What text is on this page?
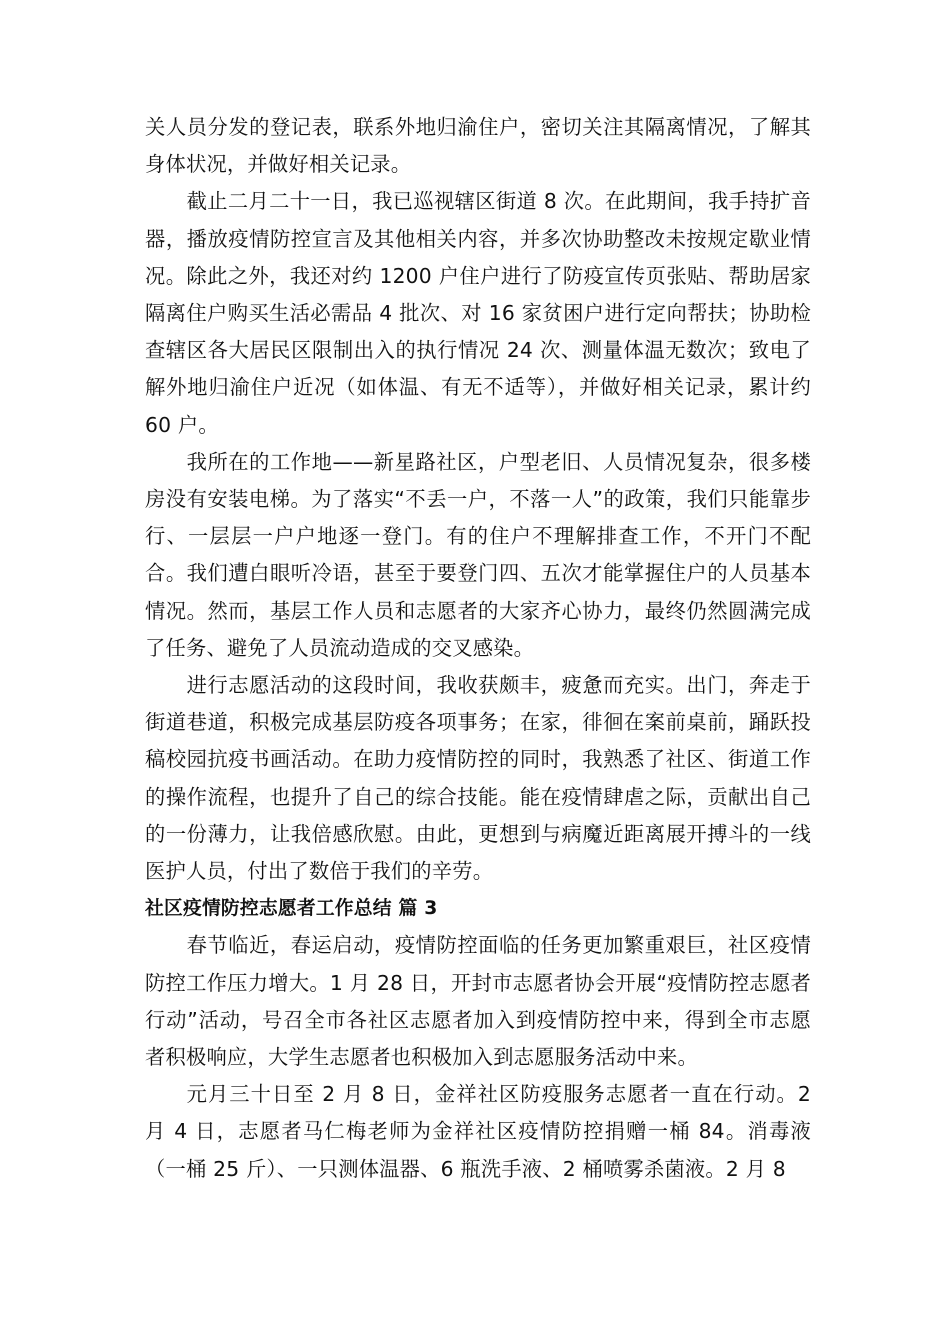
关人员分发的登记表，联系外地归渝住户，密切关注其隔离情况，了解其身体状况，并做好相关记录。

截止二月二十一日，我已巡视辖区街道 8 次。在此期间，我手持扩音器，播放疫情防控宣言及其他相关内容，并多次协助整改未按规定歇业情况。除此之外，我还对约 1200 户住户进行了防疫宣传页张贴、帮助居家隔离住户购买生活必需品 4 批次、对 16 家贫困户进行定向帮扶；协助检查辖区各大居民区限制出入的执行情况 24 次、测量体温无数次；致电了解外地归渝住户近况（如体温、有无不适等），并做好相关记录，累计约 60 户。

我所在的工作地——新星路社区，户型老旧、人员情况复杂，很多楼房没有安装电梯。为了落实“不丢一户，不落一人”的政策，我们只能靠步行、一层层一户户地逐一登门。有的住户不理解排查工作，不开门不配合。我们遭白眼听冷语，甚至于要登门四、五次才能掌握住户的人员基本情况。然而，基层工作人员和志愿者的大家齐心协力，最终仍然圆满完成了任务、避免了人员流动造成的交叉感染。

进行志愿活动的这段时间，我收获颇丰，疲惫而充实。出门，奔走于街道巷道，积极完成基层防疫各项事务；在家，徘徊在案前桌前，踊跃投稿校园抗疫书画活动。在助力疫情防控的同时，我熟悉了社区、街道工作的操作流程，也提升了自己的综合技能。能在疫情肆虐之际，贡献出自己的一份薄力，让我倍感欣慰。由此，更想到与病魔近距离展开搏斗的一线医护人员，付出了数倍于我们的辛劳。

社区疫情防控志愿者工作总结 篇 3

春节临近，春运启动，疫情防控面临的任务更加繁重艰巨，社区疫情防控工作压力增大。1 月 28 日，开封市志愿者协会开展“疫情防控志愿者行动”活动，号召全市各社区志愿者加入到疫情防控中来，得到全市志愿者积极响应，大学生志愿者也积极加入到志愿服务活动中来。

元月三十日至 2 月 8 日，金祥社区防疫服务志愿者一直在行动。2 月 4 日，志愿者马仁梅老师为金祥社区疫情防控捐赠一桶 84。消毒液（一桶 25 斤）、一只测体温器、6 瓶洗手液、2 桶喷雾杀菌液。2 月 8
